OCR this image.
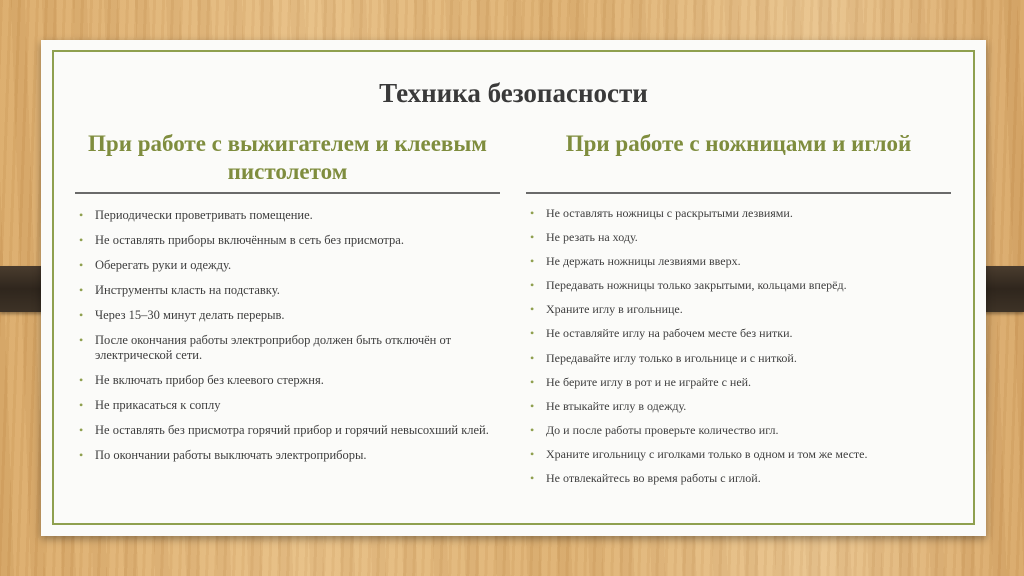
Техника безопасности
При работе с выжигателем и клеевым пистолетом
• Периодически проветривать помещение.
• Не оставлять приборы включённым в сеть без присмотра.
• Оберегать руки и одежду.
• Инструменты класть на подставку.
• Через 15–30 минут делать перерыв.
• После окончания работы электроприбор должен быть отключён от электрической сети.
• Не включать прибор без клеевого стержня.
• Не прикасаться к соплу
• Не оставлять без присмотра горячий прибор и горячий невысохший клей.
• По окончании работы выключать электроприборы.
При работе с ножницами и иглой
• Не оставлять ножницы с раскрытыми лезвиями.
• Не резать на ходу.
• Не держать ножницы лезвиями вверх.
• Передавать ножницы только закрытыми, кольцами вперёд.
• Храните иглу в игольнице.
• Не оставляйте иглу на рабочем месте без нитки.
• Передавайте иглу только в игольнице и с ниткой.
• Не берите иглу в рот и не играйте с ней.
• Не втыкайте иглу в одежду.
• До и после работы проверьте количество игл.
• Храните игольницу с иголками только в одном и том же месте.
• Не отвлекайтесь во время работы с иглой.
